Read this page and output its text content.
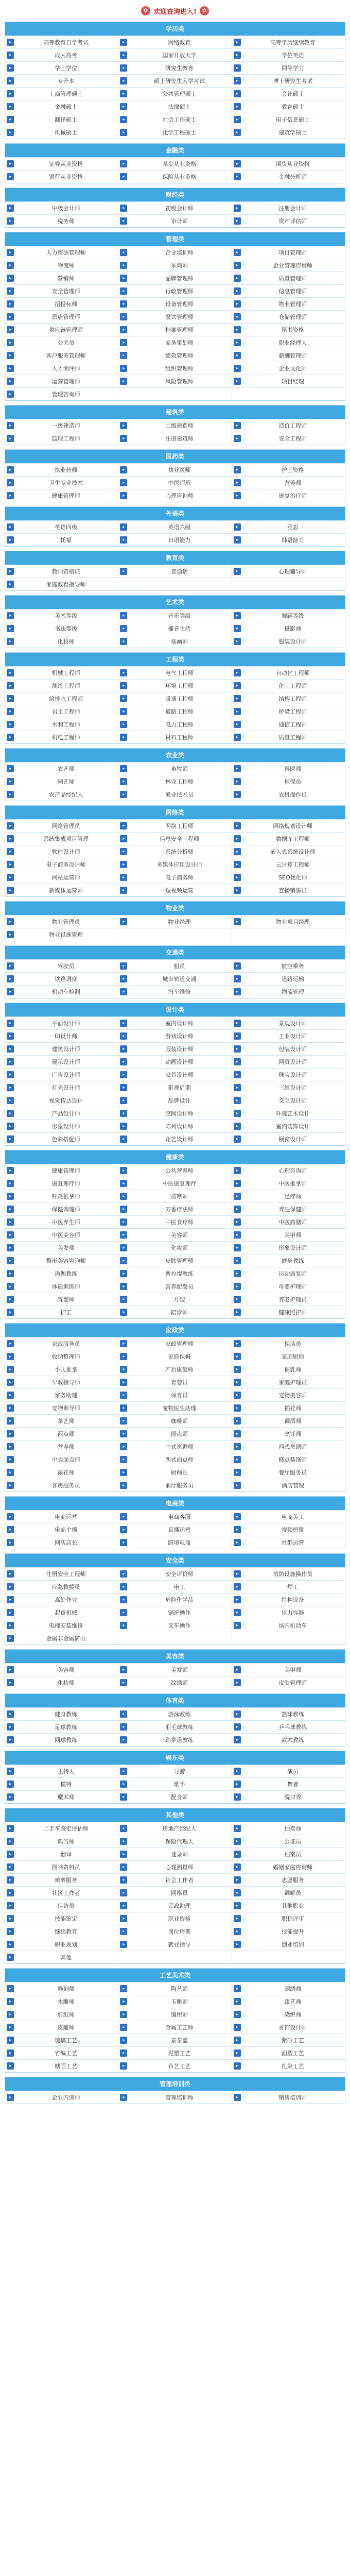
✿ 欢迎查询进入!	✿
学历类
▸	高等教育自学考试	▸	网络教育	▸	高等学历继续教育
▸	成人高考	▸	国家开放大学	▸	学位英语
▸	学士学位	▸	研究生教育	▸	同等学力
▸	专升本	▸	硕士研究生入学考试	▸	博士研究生考试
▸	工商管理硕士	▸	公共管理硕士	▸	会计硕士
▸	金融硕士	▸	法律硕士	▸	教育硕士
▸	翻译硕士	▸	社会工作硕士	▸	电子信息硕士
▸	机械硕士	▸	化学工程硕士	▸	建筑学硕士
金融类
▸	证券从业资格	▸	基金从业资格	▸	期货从业资格
▸	银行从业资格	▸	保险从业资格	▸	金融分析师
财经类
▸	中级会计师	▸	初级会计师	▸	注册会计师
▸	税务师	▸	审计师	▸	资产评估师
管理类
▸	人力资源管理师	▸	企业培训师	▸	项目管理师
▸	物流师	▸	采购师	▸	企业管理咨询师
▸	营销师	▸	品牌管理师	▸	质量管理师
▸	安全管理师	▸	行政管理师	▸	信息管理师
▸	招投标师	▸	设备管理师	▸	物业管理师
▸	酒店管理师	▸	餐饮管理师	▸	仓储管理师
▸	供应链管理师	▸	档案管理师	▸	秘书资格
▸	公关员	▸	商务策划师	▸	职业经理人
▸	客户服务管理师	▸	绩效管理师	▸	薪酬管理师
▸	人才测评师	▸	组织管理师	▸	企业文化师
▸	运营管理师	▸	风险管理师	▸	项目经理
▸	管理咨询师
建筑类
▸	一级建造师	▸	二级建造师	▸	造价工程师
▸	监理工程师	▸	注册建筑师	▸	安全工程师
医药类
▸	执业药师	▸	执业医师	▸	护士资格
▸	卫生专业技术	▸	中医师承	▸	营养师
▸	健康管理师	▸	心理咨询师	▸	康复治疗师
外语类
▸	英语四级	▸	英语六级	▸	雅思
▸	托福	▸	日语能力	▸	韩语能力
教育类
▸	教师资格证	▸	普通话	▸	心理辅导师
▸	家庭教育指导师
艺术类
▸	美术等级	▸	音乐等级	▸	舞蹈等级
▸	书法等级	▸	播音主持	▸	摄影师
▸	化妆师	▸	插画师	▸	服装设计师
工程类
▸	机械工程师	▸	电气工程师	▸	自动化工程师
▸	测绘工程师	▸	环境工程师	▸	化工工程师
▸	给排水工程师	▸	暖通工程师	▸	结构工程师
▸	岩土工程师	▸	道路工程师	▸	桥梁工程师
▸	水利工程师	▸	电力工程师	▸	通信工程师
▸	机电工程师	▸	材料工程师	▸	质量工程师
农业类
▸	农艺师	▸	畜牧师	▸	兽医师
▸	园艺师	▸	林业工程师	▸	植保员
▸	农产品经纪人	▸	渔业技术员	▸	农机操作员
网络类
▸	网络管理员	▸	网络工程师	▸	网络规划设计师
▸	系统集成项目管理	▸	信息安全工程师	▸	数据库工程师
▸	软件设计师	▸	系统分析师	▸	嵌入式系统设计师
▸	电子商务设计师	▸	多媒体应用设计师	▸	云计算工程师
▸	网站运营师	▸	电子商务师	▸	SEO优化师
▸	新媒体运营师	▸	短视频运营	▸	直播销售员
物业类
▸	物业管理员	▸	物业经理	▸	物业项目经理
▸	物业设施管理
交通类
▸	驾驶员	▸	船员	▸	航空乘务
▸	铁路调度	▸	城市轨道交通	▸	道路运输
▸	机动车检测	▸	汽车维修	▸	物流管理
设计类
▸	平面设计师	▸	室内设计师	▸	景观设计师
▸	UI设计师	▸	游戏设计师	▸	工业设计师
▸	建筑设计师	▸	服装设计师	▸	包装设计师
▸	展示设计师	▸	动画设计师	▸	网页设计师
▸	广告设计师	▸	家具设计师	▸	珠宝设计师
▸	灯光设计师	▸	影视后期	▸	三维设计师
▸	视觉传达设计	▸	品牌设计	▸	交互设计师
▸	产品设计师	▸	空间设计师	▸	环境艺术设计
▸	形象设计师	▸	陈列设计师	▸	室内装饰设计
▸	色彩搭配师	▸	花艺设计师	▸	橱窗设计师
健康类
▸	健康管理师	▸	公共营养师	▸	心理咨询师
▸	康复理疗师	▸	中医康复理疗	▸	中医推拿师
▸	针灸推拿师	▸	按摩师	▸	足疗师
▸	保健调理师	▸	芳香疗法师	▸	养生保健师
▸	中医养生师	▸	中医食疗师	▸	中医药膳师
▸	中医美容师	▸	美容师	▸	美甲师
▸	美发师	▸	化妆师	▸	形象设计师
▸	整形美容咨询师	▸	皮肤管理师	▸	健身教练
▸	瑜伽教练	▸	普拉提教练	▸	运动康复师
▸	体能训练师	▸	营养配餐员	▸	母婴护理师
▸	育婴师	▸	月嫂	▸	养老护理员
▸	护工	▸	陪诊师	▸	健康照护师
家政类
▸	家政服务员	▸	家政管理师	▸	保洁员
▸	收纳整理师	▸	家庭保姆	▸	家庭厨师
▸	小儿推拿	▸	产后康复师	▸	催乳师
▸	早教指导师	▸	育婴员	▸	家庭护理员
▸	家务助理	▸	保育员	▸	宠物美容师
▸	宠物训导师	▸	宠物医生助理	▸	插花师
▸	茶艺师	▸	咖啡师	▸	调酒师
▸	西点师	▸	面点师	▸	烹饪师
▸	营养师	▸	中式烹调师	▸	西式烹调师
▸	中式面点师	▸	西式面点师	▸	糕点装饰师
▸	裱花师	▸	厨师长	▸	餐厅服务员
▸	客房服务员	▸	前厅服务员	▸	酒店管理
电商类
▸	电商运营	▸	电商客服	▸	电商美工
▸	电商主播	▸	直播运营	▸	视频剪辑
▸	网店店长	▸	跨境电商	▸	社群运营
安全类
▸	注册安全工程师	▸	安全评价师	▸	消防设施操作员
▸	应急救援员	▸	电工	▸	焊工
▸	高处作业	▸	危险化学品	▸	特种设备
▸	起重机械	▸	锅炉操作	▸	压力容器
▸	电梯安装维修	▸	叉车操作	▸	场内机动车
▸	金属非金属矿山
美容类
▸	美容师	▸	美发师	▸	美甲师
▸	化妆师	▸	纹绣师	▸	皮肤管理师
体育类
▸	健身教练	▸	游泳教练	▸	篮球教练
▸	足球教练	▸	羽毛球教练	▸	乒乓球教练
▸	网球教练	▸	跆拳道教练	▸	武术教练
娱乐类
▸	主持人	▸	导游	▸	演员
▸	模特	▸	歌手	▸	舞者
▸	魔术师	▸	配音师	▸	脱口秀
其他类
▸	二手车鉴定评估师	▸	房地产经纪人	▸	拍卖师
▸	典当师	▸	保险代理人	▸	公证员
▸	翻译	▸	速录师	▸	档案员
▸	图书资料员	▸	心理测量师	▸	婚姻家庭咨询师
▸	殡葬服务	▸	社会工作者	▸	志愿服务
▸	社区工作者	▸	网格员	▸	调解员
▸	信访员	▸	民政助理	▸	其他职业
▸	技能鉴定	▸	职业资格	▸	职称评审
▸	继续教育	▸	岗位培训	▸	技能提升
▸	职业规划	▸	就业指导	▸	创业培训
▸	其他
工艺美术类
▸	雕刻师	▸	陶艺师	▸	刺绣师
▸	木雕师	▸	玉雕师	▸	漆艺师
▸	剪纸师	▸	编织师	▸	染织师
▸	皮雕师	▸	金属工艺师	▸	首饰设计师
▸	琉璃工艺	▸	景泰蓝	▸	紫砂工艺
▸	竹编工艺	▸	泥塑工艺	▸	面塑工艺
▸	糖画工艺	▸	布艺工艺	▸	扎染工艺
管理培训类
▸	企业内训师	▸	管理培训师	▸	销售培训师
